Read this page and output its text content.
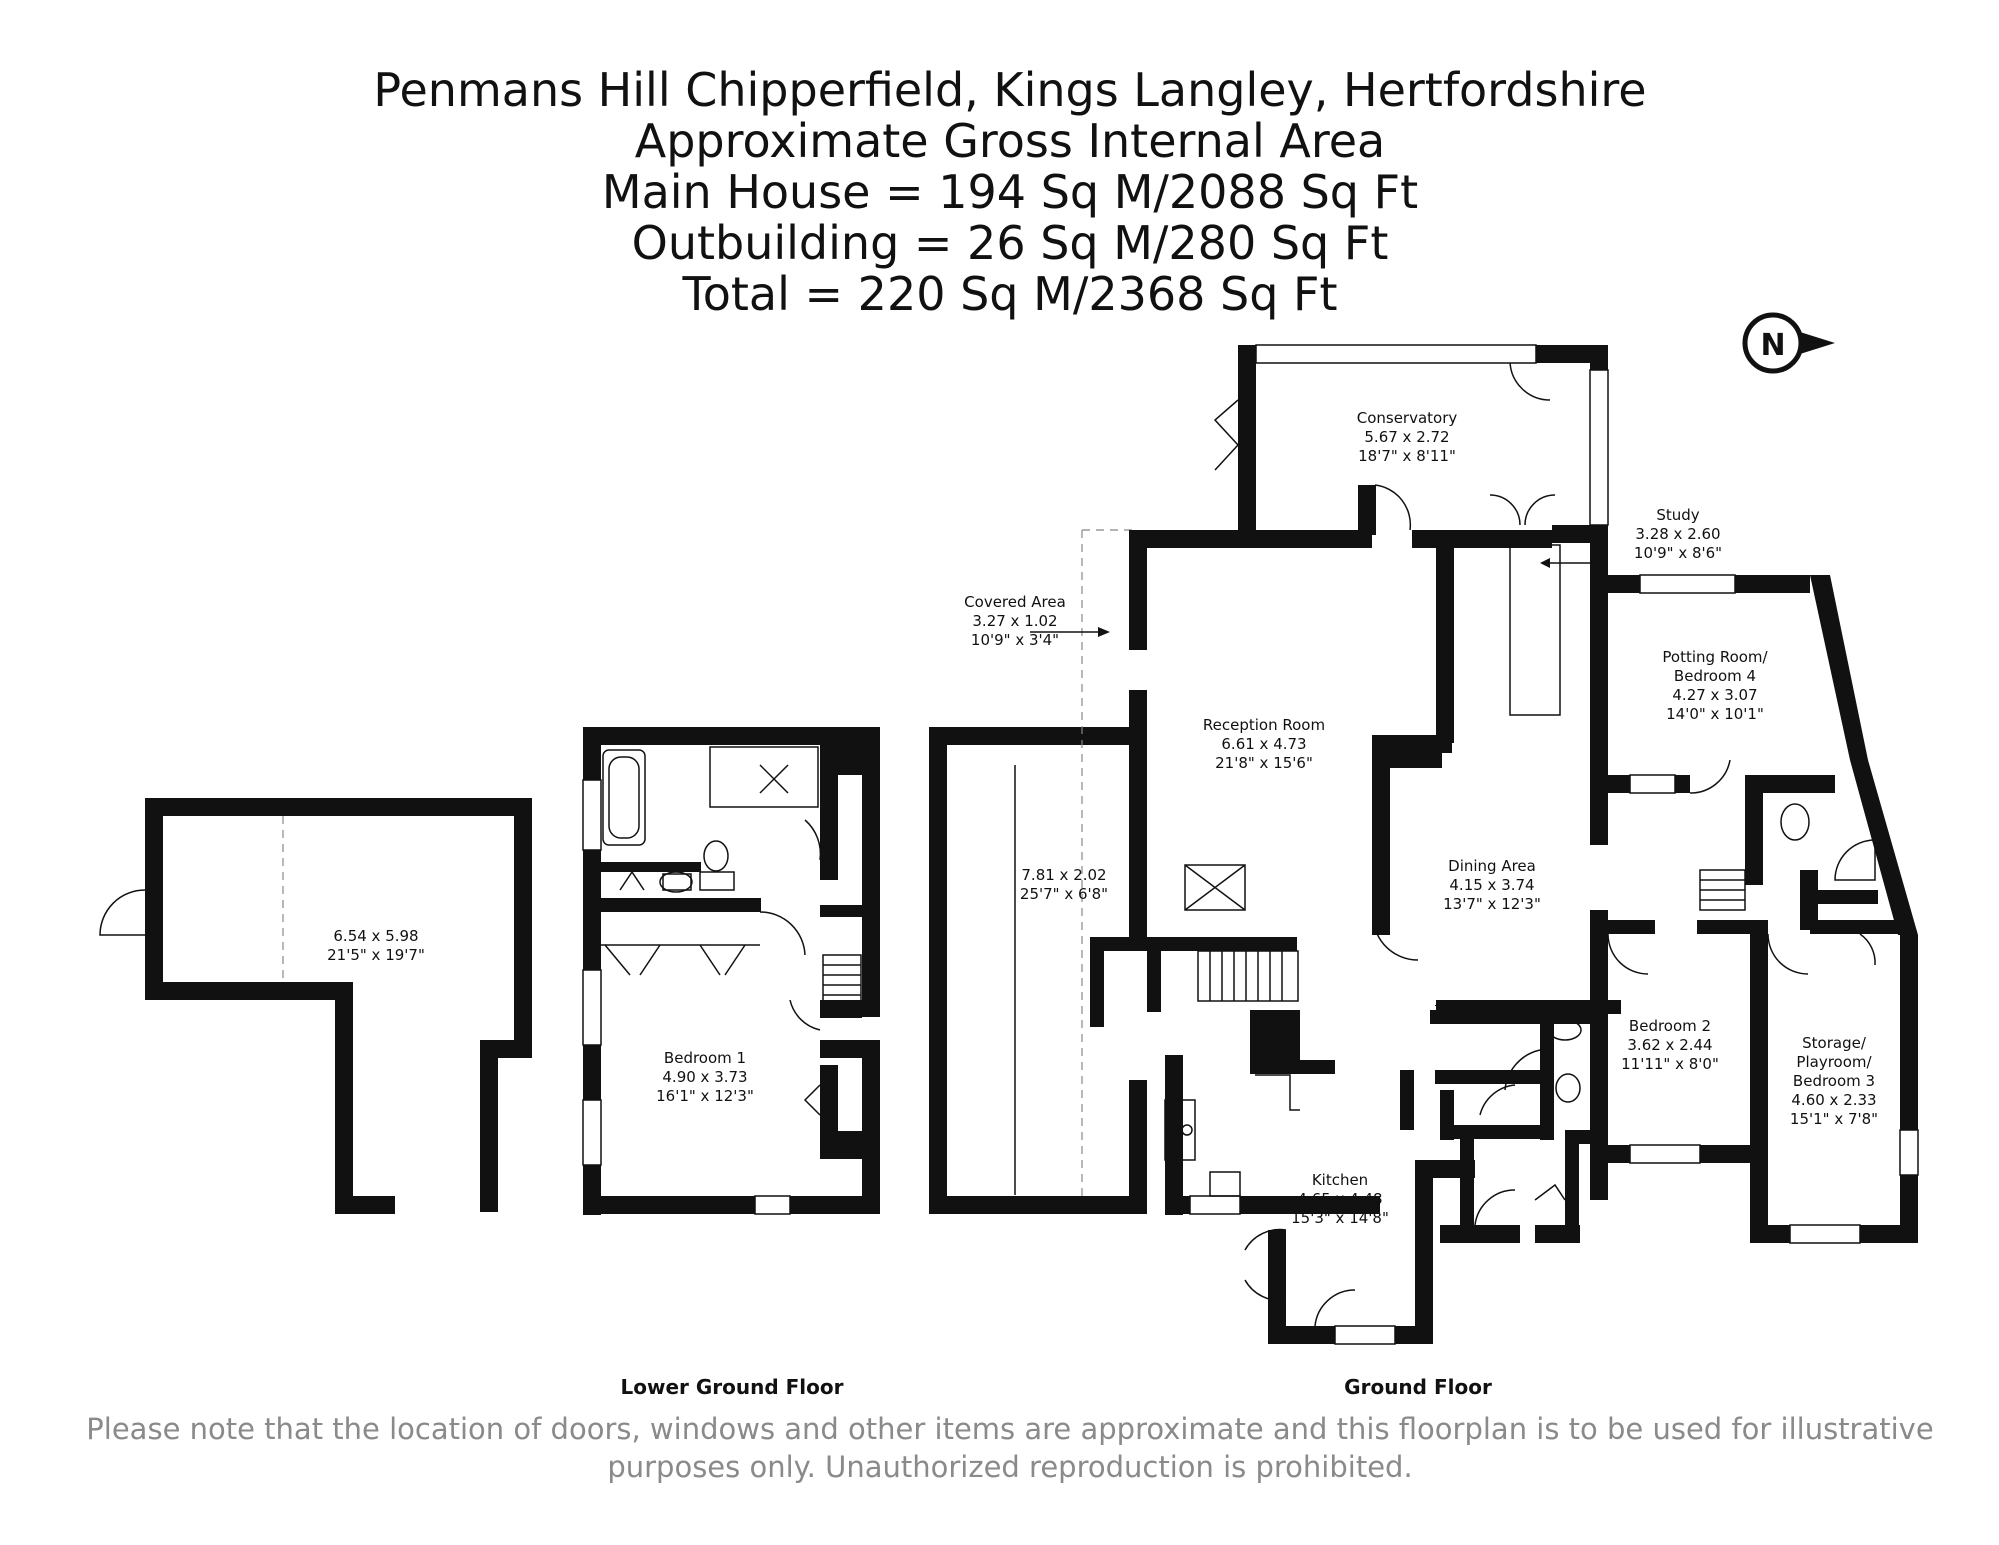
Penmans Hill Chipperfield, Kings Langley, Hertfordshire
Approximate Gross Internal Area
Main House = 194 Sq M/2088 Sq Ft
Outbuilding = 26 Sq M/280 Sq Ft
Total = 220 Sq M/2368 Sq Ft
N
6.54 x 5.98
21'5" x 19'7"
Bedroom 1
4.90 x 3.73
16'1" x 12'3"
7.81 x 2.02
25'7" x 6'8"
Covered Area
3.27 x 1.02
10'9" x 3'4"
Conservatory
5.67 x 2.72
18'7" x 8'11"
Reception Room
6.61 x 4.73
21'8" x 15'6"
Study
3.28 x 2.60
10'9" x 8'6"
Potting Room/
Bedroom 4
4.27 x 3.07
14'0" x 10'1"
Dining Area
4.15 x 3.74
13'7" x 12'3"
Bedroom 2
3.62 x 2.44
11'11" x 8'0"
Storage/
Playroom/
Bedroom 3
4.60 x 2.33
15'1" x 7'8"
Kitchen
4.65 x 4.48
15'3" x 14'8"
Lower Ground Floor	Ground Floor
Please note that the location of doors, windows and other items are approximate and this floorplan is to be used for illustrative
purposes only. Unauthorized reproduction is prohibited.
